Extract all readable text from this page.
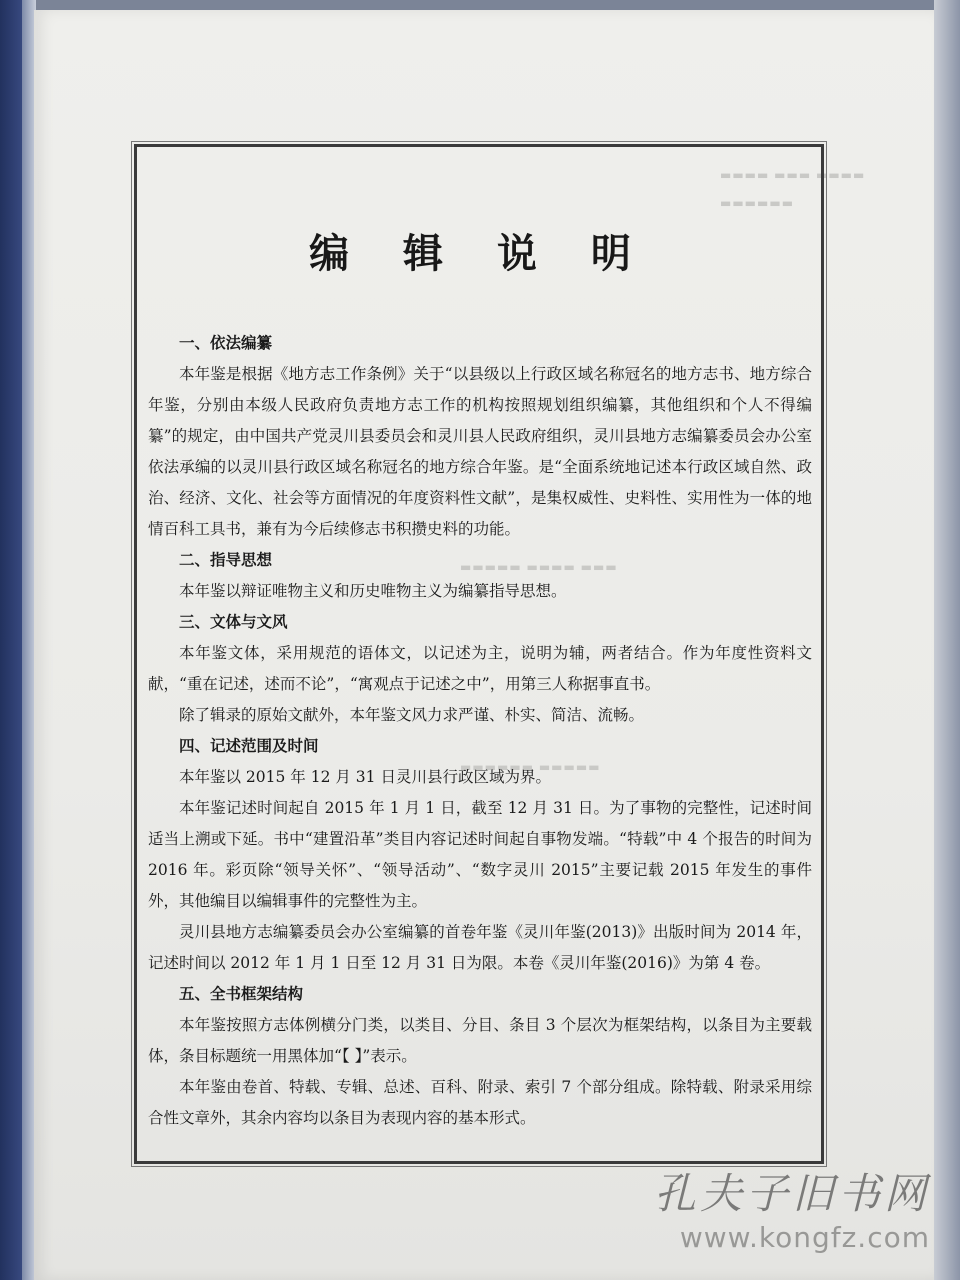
▬▬▬▬ ▬▬▬ ▬▬▬▬
▬▬▬▬▬▬
▬▬▬▬▬ ▬▬▬▬ ▬▬▬
▬▬▬▬▬▬ ▬▬▬▬▬
编 辑 说 明
一、依法编纂

本年鉴是根据《地方志工作条例》关于“以县级以上行政区域名称冠名的地方志书、地方综合年鉴，分别由本级人民政府负责地方志工作的机构按照规划组织编纂，其他组织和个人不得编纂”的规定，由中国共产党灵川县委员会和灵川县人民政府组织，灵川县地方志编纂委员会办公室依法承编的以灵川县行政区域名称冠名的地方综合年鉴。是“全面系统地记述本行政区域自然、政治、经济、文化、社会等方面情况的年度资料性文献”，是集权威性、史料性、实用性为一体的地情百科工具书，兼有为今后续修志书积攒史料的功能。

二、指导思想

本年鉴以辩证唯物主义和历史唯物主义为编纂指导思想。

三、文体与文风

本年鉴文体，采用规范的语体文，以记述为主，说明为辅，两者结合。作为年度性资料文献，“重在记述，述而不论”，“寓观点于记述之中”，用第三人称据事直书。

除了辑录的原始文献外，本年鉴文风力求严谨、朴实、简洁、流畅。

四、记述范围及时间

本年鉴以 2015 年 12 月 31 日灵川县行政区域为界。

本年鉴记述时间起自 2015 年 1 月 1 日，截至 12 月 31 日。为了事物的完整性，记述时间适当上溯或下延。书中“建置沿革”类目内容记述时间起自事物发端。“特载”中 4 个报告的时间为 2016 年。彩页除“领导关怀”、“领导活动”、“数字灵川 2015”主要记载 2015 年发生的事件外，其他编目以编辑事件的完整性为主。

灵川县地方志编纂委员会办公室编纂的首卷年鉴《灵川年鉴(2013)》出版时间为 2014 年，记述时间以 2012 年 1 月 1 日至 12 月 31 日为限。本卷《灵川年鉴(2016)》为第 4 卷。

五、全书框架结构

本年鉴按照方志体例横分门类，以类目、分目、条目 3 个层次为框架结构，以条目为主要载体，条目标题统一用黑体加“【 】”表示。

本年鉴由卷首、特载、专辑、总述、百科、附录、索引 7 个部分组成。除特载、附录采用综合性文章外，其余内容均以条目为表现内容的基本形式。

孔夫子旧书网
www.kongfz.com
